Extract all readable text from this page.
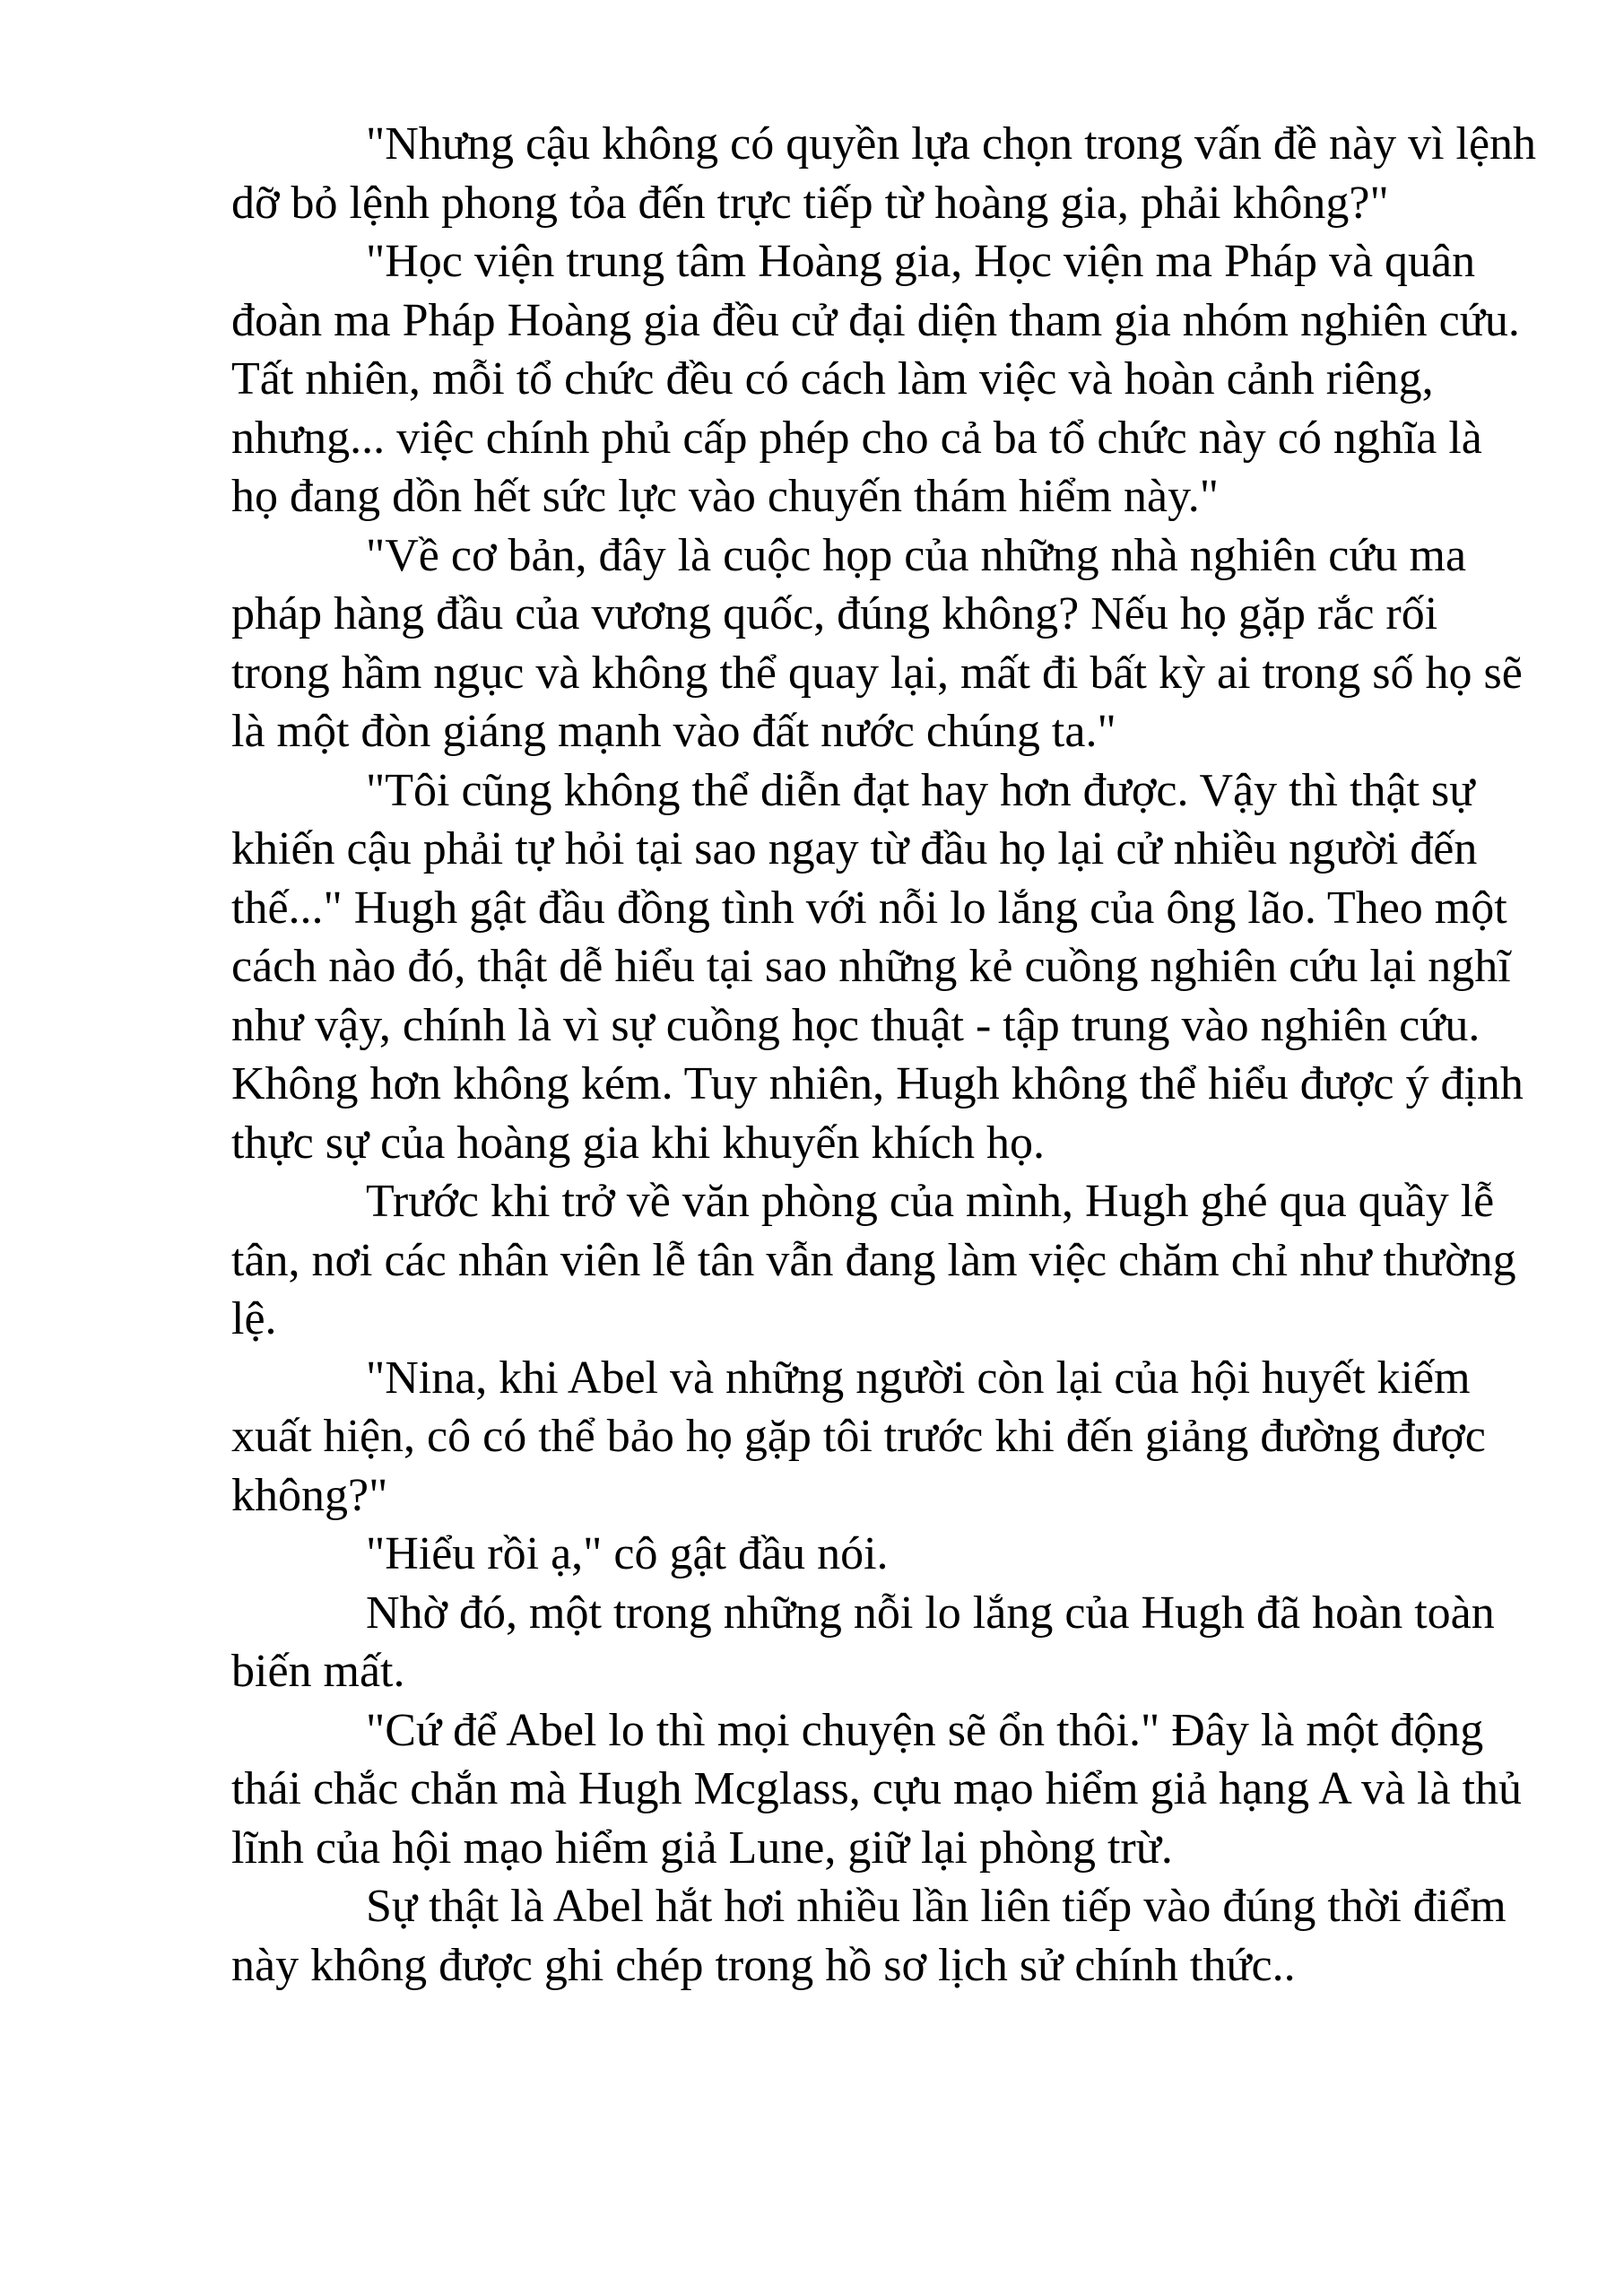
"Nhưng cậu không có quyền lựa chọn trong vấn đề này vì lệnh
dỡ bỏ lệnh phong tỏa đến trực tiếp từ hoàng gia, phải không?"
"Học viện trung tâm Hoàng gia, Học viện ma Pháp và quân
đoàn ma Pháp Hoàng gia đều cử đại diện tham gia nhóm nghiên cứu.
Tất nhiên, mỗi tổ chức đều có cách làm việc và hoàn cảnh riêng,
nhưng... việc chính phủ cấp phép cho cả ba tổ chức này có nghĩa là
họ đang dồn hết sức lực vào chuyến thám hiểm này."
"Về cơ bản, đây là cuộc họp của những nhà nghiên cứu ma
pháp hàng đầu của vương quốc, đúng không? Nếu họ gặp rắc rối
trong hầm ngục và không thể quay lại, mất đi bất kỳ ai trong số họ sẽ
là một đòn giáng mạnh vào đất nước chúng ta."
"Tôi cũng không thể diễn đạt hay hơn được. Vậy thì thật sự
khiến cậu phải tự hỏi tại sao ngay từ đầu họ lại cử nhiều người đến
thế..." Hugh gật đầu đồng tình với nỗi lo lắng của ông lão. Theo một
cách nào đó, thật dễ hiểu tại sao những kẻ cuồng nghiên cứu lại nghĩ
như vậy, chính là vì sự cuồng học thuật - tập trung vào nghiên cứu.
Không hơn không kém. Tuy nhiên, Hugh không thể hiểu được ý định
thực sự của hoàng gia khi khuyến khích họ.
Trước khi trở về văn phòng của mình, Hugh ghé qua quầy lễ
tân, nơi các nhân viên lễ tân vẫn đang làm việc chăm chỉ như thường
lệ.
"Nina, khi Abel và những người còn lại của hội huyết kiếm
xuất hiện, cô có thể bảo họ gặp tôi trước khi đến giảng đường được
không?"
"Hiểu rồi ạ," cô gật đầu nói.
Nhờ đó, một trong những nỗi lo lắng của Hugh đã hoàn toàn
biến mất.
"Cứ để Abel lo thì mọi chuyện sẽ ổn thôi." Đây là một động
thái chắc chắn mà Hugh Mcglass, cựu mạo hiểm giả hạng A và là thủ
lĩnh của hội mạo hiểm giả Lune, giữ lại phòng trừ.
Sự thật là Abel hắt hơi nhiều lần liên tiếp vào đúng thời điểm
này không được ghi chép trong hồ sơ lịch sử chính thức..
